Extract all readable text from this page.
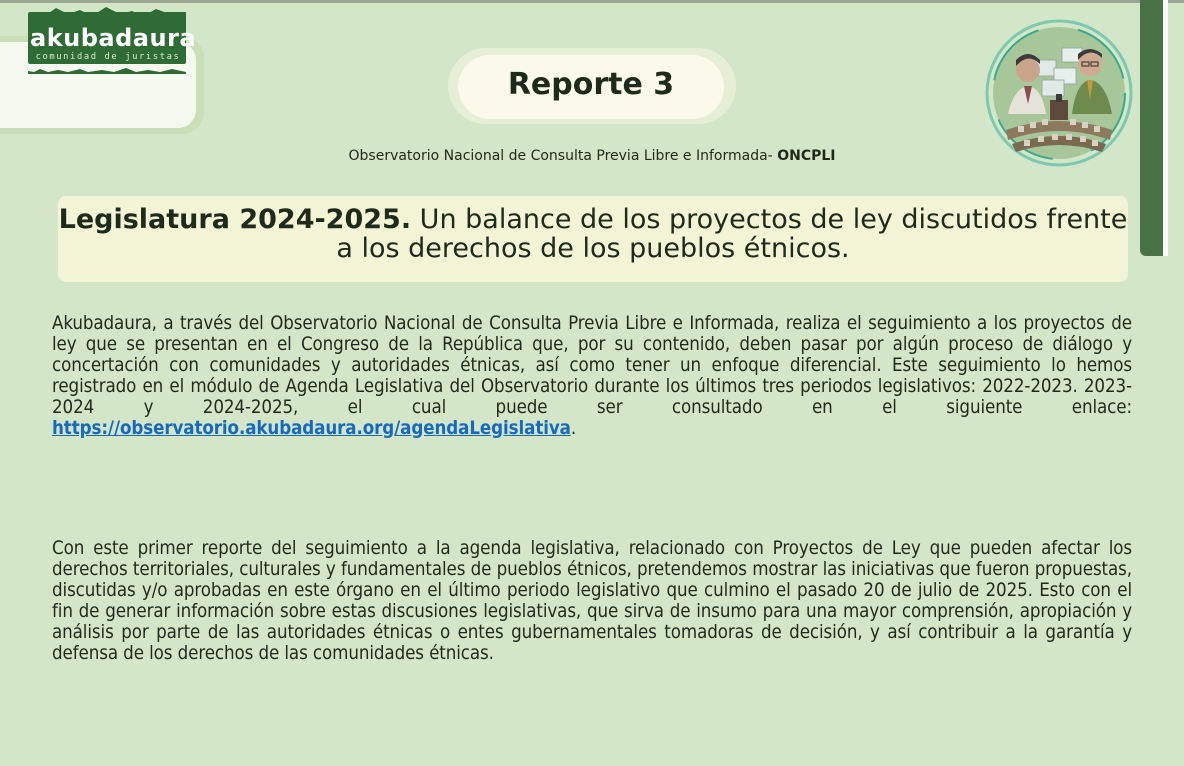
akubadaura
comunidad de juristas
Reporte 3
Observatorio Nacional de Consulta Previa Libre e Informada- ONCPLI
Legislatura 2024-2025. Un balance de los proyectos de ley discutidos frente a los derechos de los pueblos étnicos.
Akubadaura, a través del Observatorio Nacional de Consulta Previa Libre e Informada, realiza el seguimiento a los proyectos de ley que se presentan en el Congreso de la República que, por su contenido, deben pasar por algún proceso de diálogo y concertación con comunidades y autoridades étnicas, así como tener un enfoque diferencial. Este seguimiento lo hemos registrado en el módulo de Agenda Legislativa del Observatorio durante los últimos tres periodos legislativos: 2022-2023. 2023-2024 y 2024-2025, el cual puede ser consultado en el siguiente enlace: https://observatorio.akubadaura.org/agendaLegislativa.
Con este primer reporte del seguimiento a la agenda legislativa, relacionado con Proyectos de Ley que pueden afectar los derechos territoriales, culturales y fundamentales de pueblos étnicos, pretendemos mostrar las iniciativas que fueron propuestas, discutidas y/o aprobadas en este órgano en el último periodo legislativo que culmino el pasado 20 de julio de 2025. Esto con el fin de generar información sobre estas discusiones legislativas, que sirva de insumo para una mayor comprensión, apropiación y análisis por parte de las autoridades étnicas o entes gubernamentales tomadoras de decisión, y así contribuir a la garantía y defensa de los derechos de las comunidades étnicas.
